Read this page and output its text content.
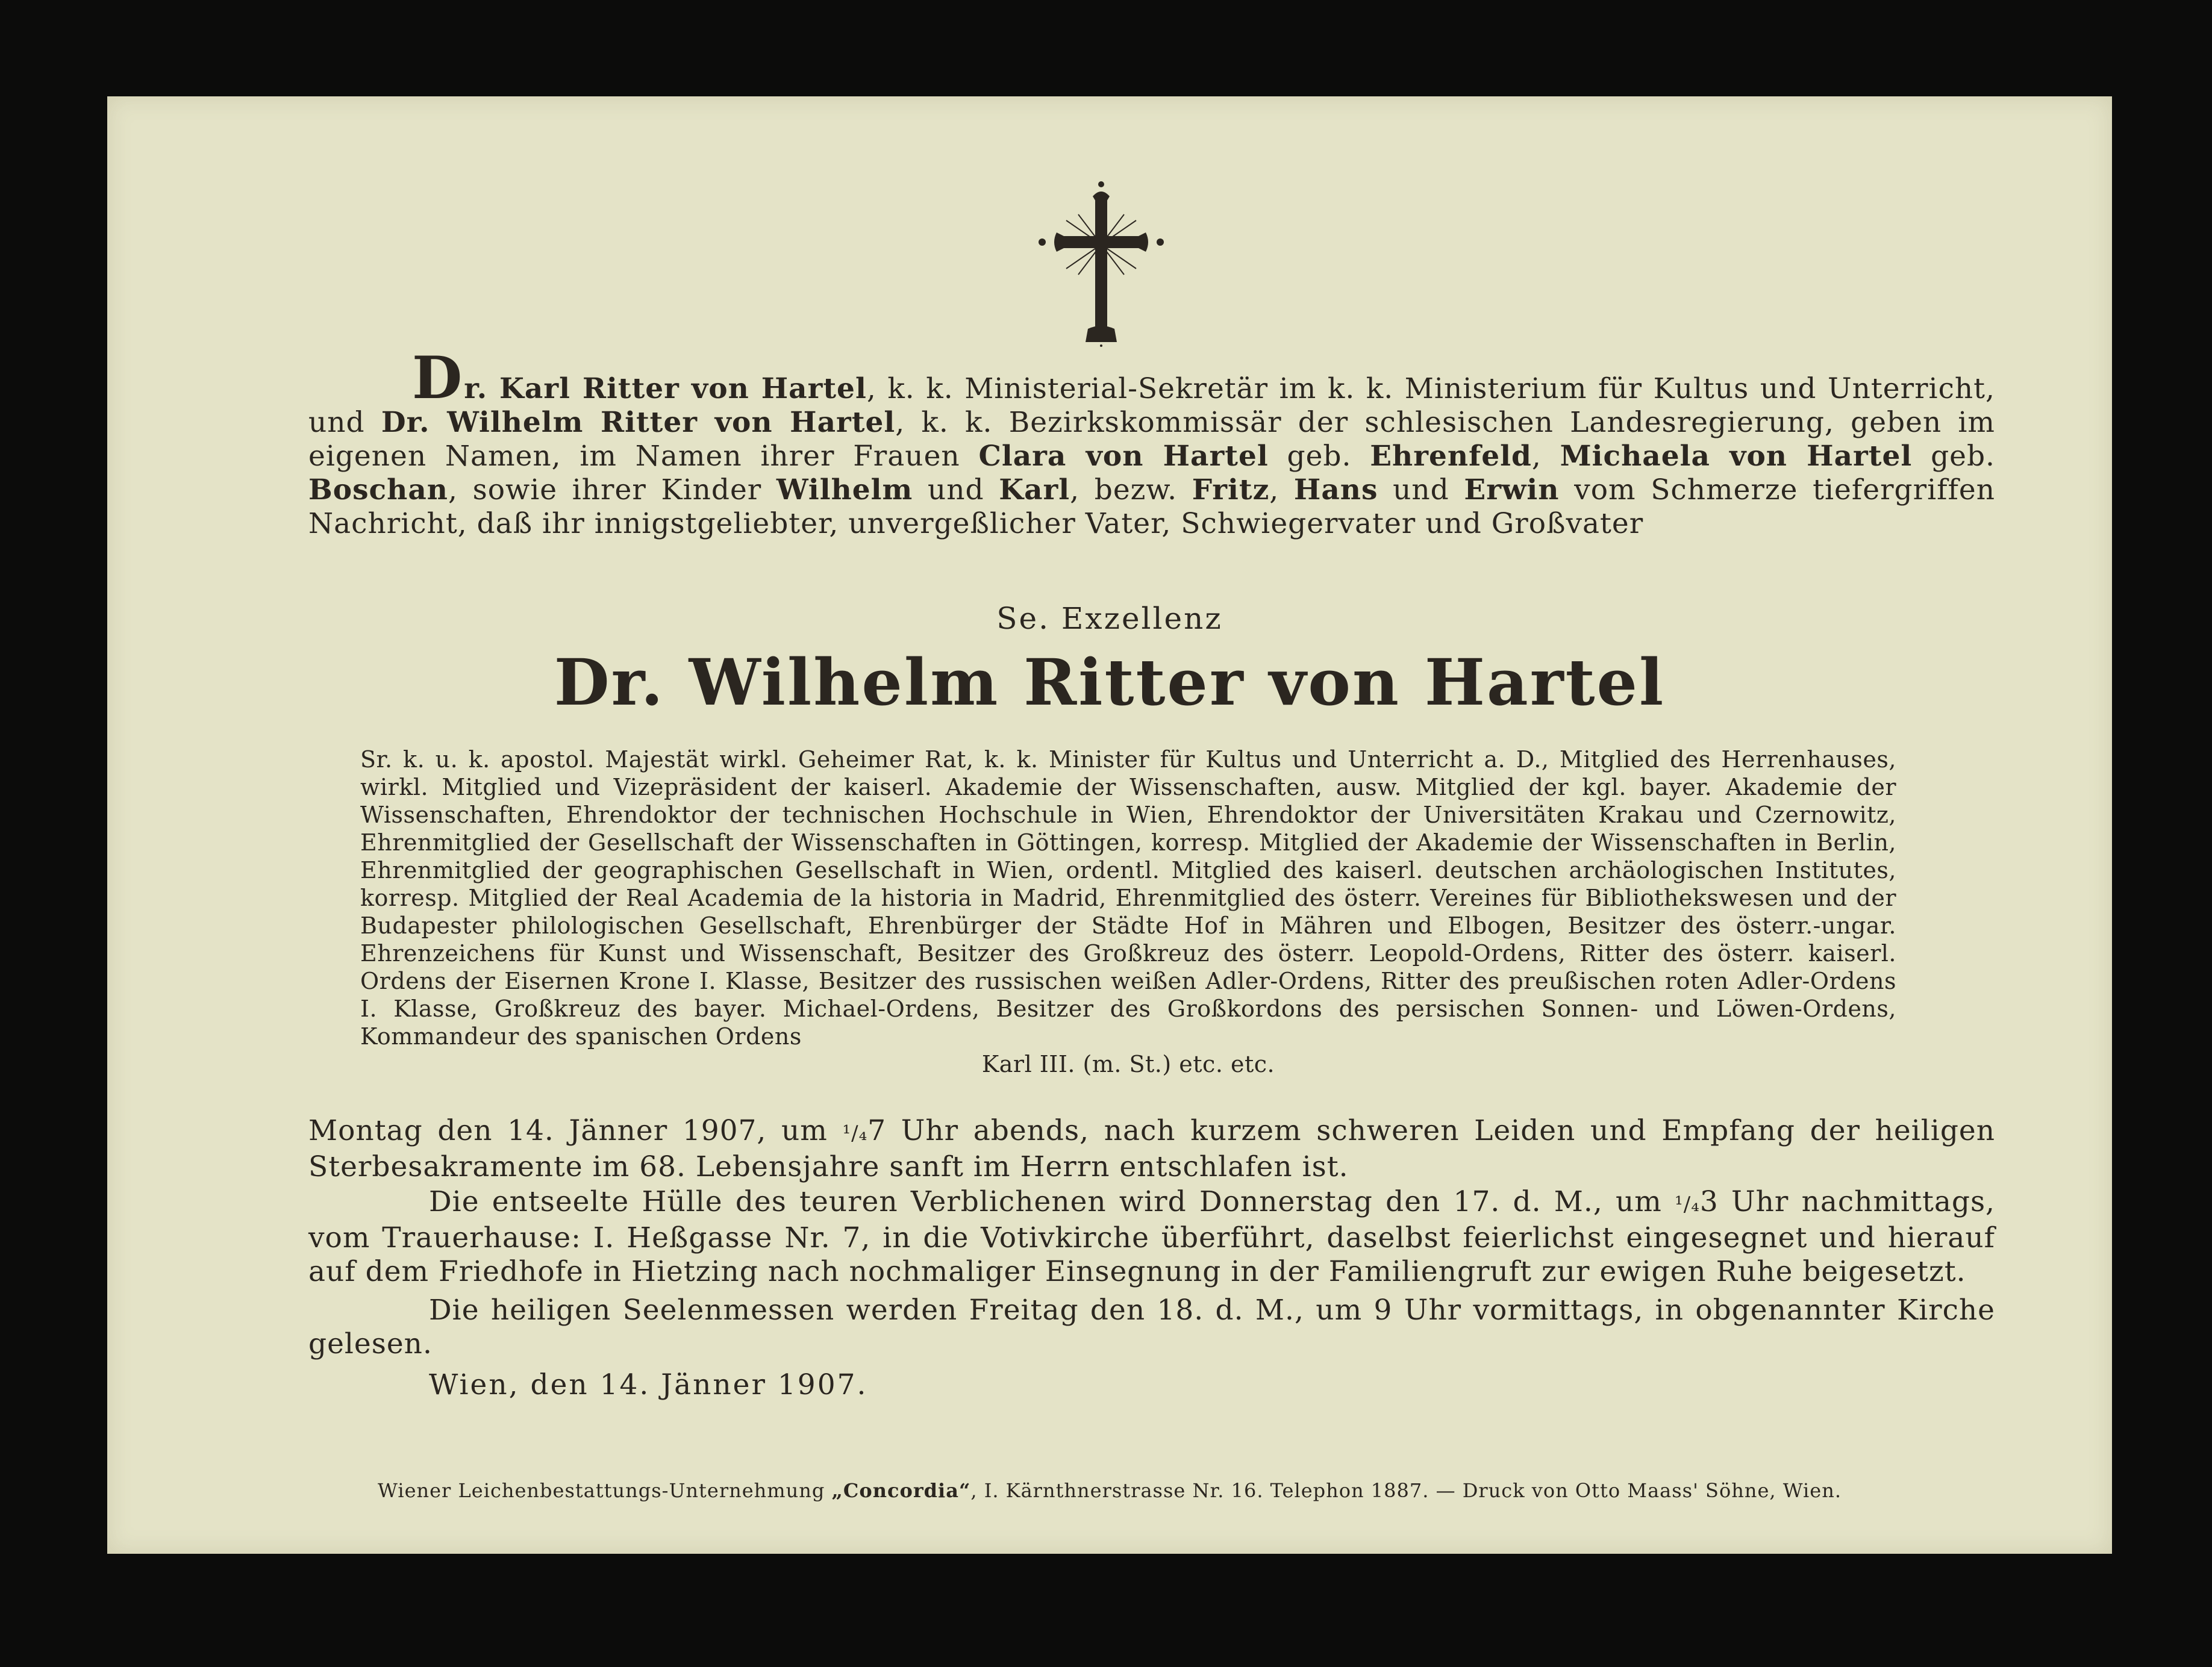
Dr. Karl Ritter von Hartel, k. k. Ministerial-Sekretär im k. k. Ministerium für Kultus und Unterricht, und Dr. Wilhelm Ritter von Hartel, k. k. Bezirkskommissär der schlesischen Landesregierung, geben im eigenen Namen, im Namen ihrer Frauen Clara von Hartel geb. Ehrenfeld, Michaela von Hartel geb. Boschan, sowie ihrer Kinder Wilhelm und Karl, bezw. Fritz, Hans und Erwin vom Schmerze tiefergriffen Nachricht, daß ihr innigstgeliebter, unvergeßlicher Vater, Schwiegervater und Großvater
Se. Exzellenz
Dr. Wilhelm Ritter von Hartel
Sr. k. u. k. apostol. Majestät wirkl. Geheimer Rat, k. k. Minister für Kultus und Unterricht a. D., Mitglied des Herrenhauses, wirkl. Mitglied und Vizepräsident der kaiserl. Akademie der Wissenschaften, ausw. Mitglied der kgl. bayer. Akademie der Wissenschaften, Ehrendoktor der technischen Hochschule in Wien, Ehrendoktor der Universitäten Krakau und Czernowitz, Ehrenmitglied der Gesellschaft der Wissenschaften in Göttingen, korresp. Mitglied der Akademie der Wissenschaften in Berlin, Ehrenmitglied der geographischen Gesellschaft in Wien, ordentl. Mitglied des kaiserl. deutschen archäologischen Institutes, korresp. Mitglied der Real Academia de la historia in Madrid, Ehrenmitglied des österr. Vereines für Bibliothekswesen und der Budapester philologischen Gesellschaft, Ehrenbürger der Städte Hof in Mähren und Elbogen, Besitzer des österr.-ungar. Ehrenzeichens für Kunst und Wissenschaft, Besitzer des Großkreuz des österr. Leopold-Ordens, Ritter des österr. kaiserl. Ordens der Eisernen Krone I. Klasse, Besitzer des russischen weißen Adler-Ordens, Ritter des preußischen roten Adler-Ordens I. Klasse, Großkreuz des bayer. Michael-Ordens, Besitzer des Großkordons des persischen Sonnen- und Löwen-Ordens, Kommandeur des spanischen Ordens
Karl III. (m. St.) etc. etc.
Montag den 14. Jänner 1907, um ¹/₄7 Uhr abends, nach kurzem schweren Leiden und Empfang der heiligen Sterbesakramente im 68. Lebensjahre sanft im Herrn entschlafen ist.
Die entseelte Hülle des teuren Verblichenen wird Donnerstag den 17. d. M., um ¹/₄3 Uhr nachmittags, vom Trauerhause: I. Heßgasse Nr. 7, in die Votivkirche überführt, daselbst feierlichst eingesegnet und hierauf auf dem Friedhofe in Hietzing nach nochmaliger Einsegnung in der Familiengruft zur ewigen Ruhe beigesetzt.
Die heiligen Seelenmessen werden Freitag den 18. d. M., um 9 Uhr vormittags, in obgenannter Kirche gelesen.
Wien, den 14. Jänner 1907.
Wiener Leichenbestattungs-Unternehmung „Concordia“, I. Kärnthnerstrasse Nr. 16. Telephon 1887. — Druck von Otto Maass' Söhne, Wien.
